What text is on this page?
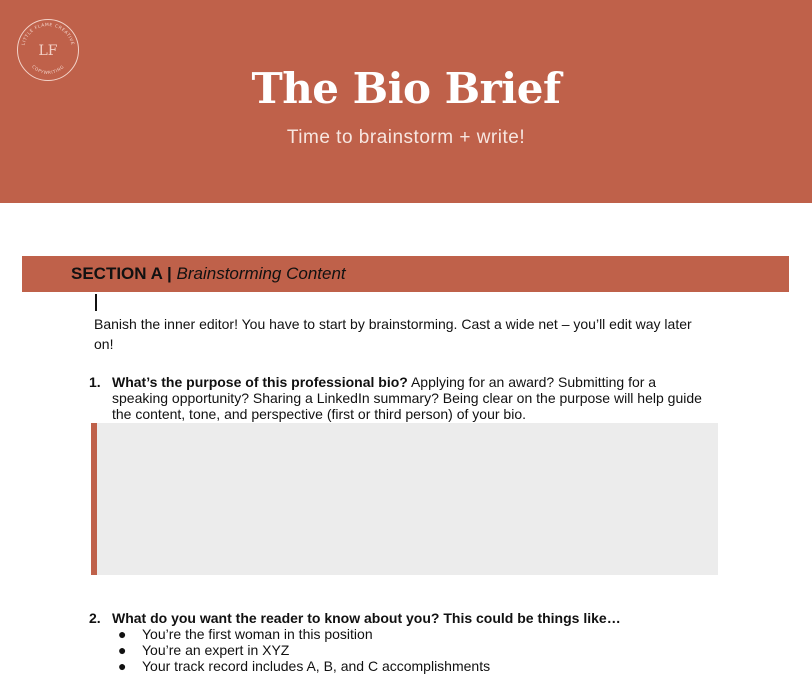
LITTLE FLAME CREATIVE
COPYWRITING
LF
The Bio Brief
Time to brainstorm + write!
SECTION A | Brainstorming Content
Banish the inner editor! You have to start by brainstorming. Cast a wide net – you’ll edit way later on!
1. What’s the purpose of this professional bio? Applying for an award? Submitting for a speaking opportunity? Sharing a LinkedIn summary? Being clear on the purpose will help guide the content, tone, and perspective (first or third person) of your bio.
2. What do you want the reader to know about you? This could be things like…
● You’re the first woman in this position
● You’re an expert in XYZ
● Your track record includes A, B, and C accomplishments
